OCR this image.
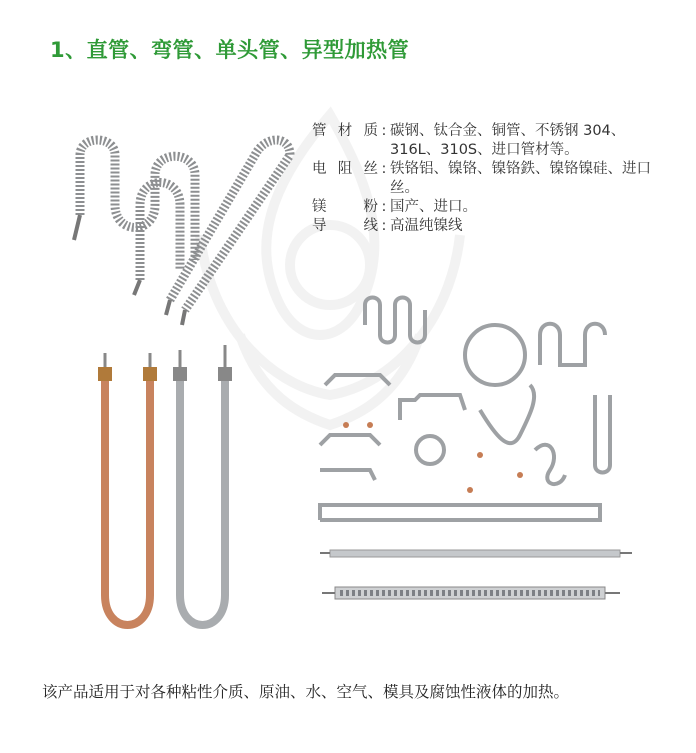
1、直管、弯管、单头管、异型加热管
管材质 : 碳钢、钛合金、铜管、不锈钢 304、316L、310S、进口管材等。
电阻丝 : 铁铬铝、镍铬、镍铬鉄、镍铬镍硅、进口丝。
镁　粉 : 国产、进口。
导　线 : 高温纯镍线
该产品适用于对各种粘性介质、原油、水、空气、模具及腐蚀性液体的加热。
